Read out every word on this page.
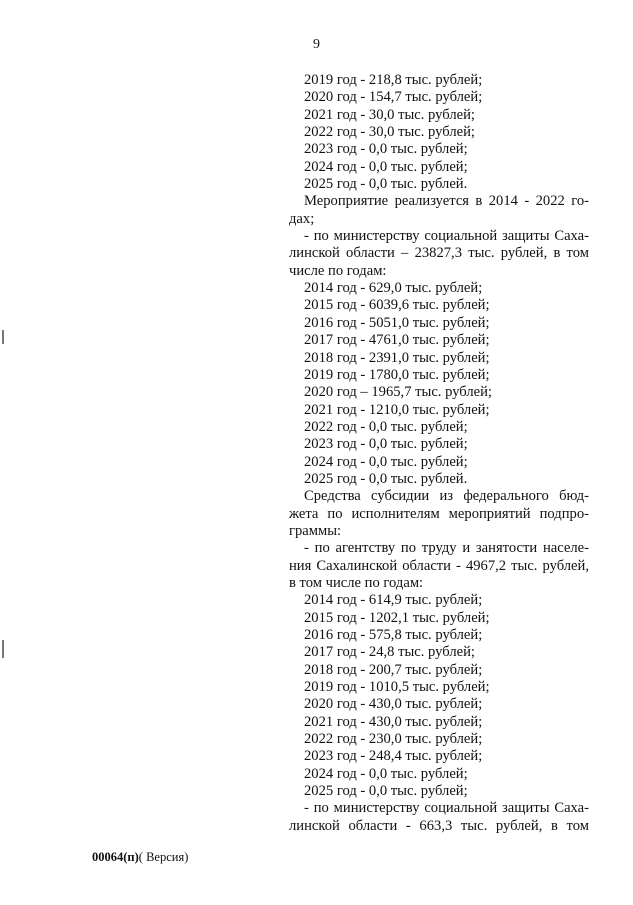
9
2019 год - 218,8 тыс. рублей;
2020 год - 154,7 тыс. рублей;
2021 год - 30,0 тыс. рублей;
2022 год - 30,0 тыс. рублей;
2023 год - 0,0 тыс. рублей;
2024 год - 0,0 тыс. рублей;
2025 год - 0,0 тыс. рублей.
Мероприятие реализуется в 2014 - 2022 го-
дах;
- по министерству социальной защиты Саха-
линской области – 23827,3 тыс. рублей, в том
числе по годам:
2014 год - 629,0 тыс. рублей;
2015 год - 6039,6 тыс. рублей;
2016 год - 5051,0 тыс. рублей;
2017 год - 4761,0 тыс. рублей;
2018 год - 2391,0 тыс. рублей;
2019 год - 1780,0 тыс. рублей;
2020 год – 1965,7 тыс. рублей;
2021 год - 1210,0 тыс. рублей;
2022 год - 0,0 тыс. рублей;
2023 год - 0,0 тыс. рублей;
2024 год - 0,0 тыс. рублей;
2025 год - 0,0 тыс. рублей.
Средства субсидии из федерального бюд-
жета по исполнителям мероприятий подпро-
граммы:
- по агентству по труду и занятости населе-
ния Сахалинской области - 4967,2 тыс. рублей,
в том числе по годам:
2014 год - 614,9 тыс. рублей;
2015 год - 1202,1 тыс. рублей;
2016 год - 575,8 тыс. рублей;
2017 год - 24,8 тыс. рублей;
2018 год - 200,7 тыс. рублей;
2019 год - 1010,5 тыс. рублей;
2020 год - 430,0 тыс. рублей;
2021 год - 430,0 тыс. рублей;
2022 год - 230,0 тыс. рублей;
2023 год - 248,4 тыс. рублей;
2024 год - 0,0 тыс. рублей;
2025 год - 0,0 тыс. рублей;
- по министерству социальной защиты Саха-
линской области - 663,3 тыс. рублей, в том
00064(п)( Версия)
